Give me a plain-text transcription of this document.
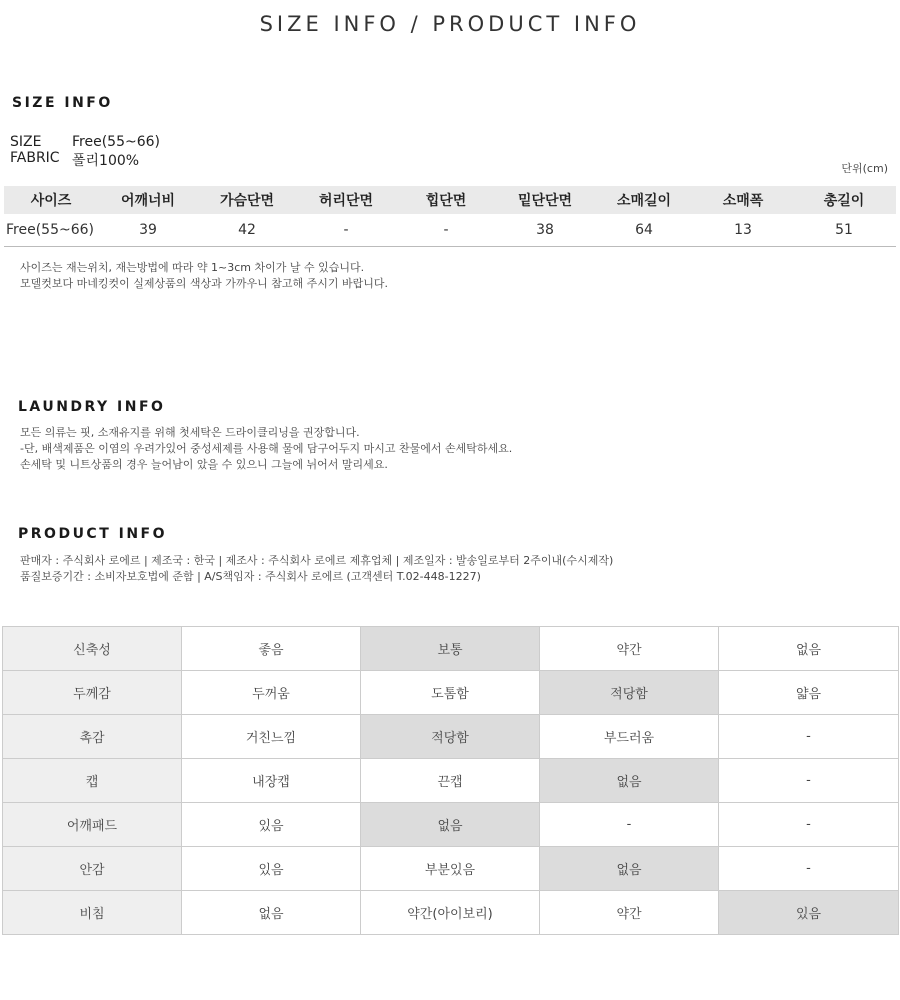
SIZE INFO / PRODUCT INFO
SIZE INFO
SIZE Free(55~66)
FABRIC 폴리100%	단위(cm)
사이즈	어깨너비	가슴단면	허리단면	힙단면	밑단단면	소매길이	소매폭	총길이
Free(55~66)	39	42	-	-	38	64	13	51
사이즈는 재는위치, 재는방법에 따라 약 1~3cm 차이가 날 수 있습니다.
모델컷보다 마네킹컷이 실제상품의 색상과 가까우니 참고해 주시기 바랍니다.
LAUNDRY INFO
모든 의류는 핏, 소재유지를 위해 첫세탁은 드라이클리닝을 권장합니다.
-단, 배색제품은 이염의 우려가있어 중성세제를 사용해 물에 담구어두지 마시고 찬물에서 손세탁하세요.
손세탁 및 니트상품의 경우 늘어남이 았을 수 있으니 그늘에 뉘어서 말리세요.
PRODUCT INFO
판매자 : 주식회사 로에르 | 제조국 : 한국 | 제조사 : 주식회사 로에르 제휴업체 | 제조일자 : 발송일로부터 2주이내(수시제작)
품질보증기간 : 소비자보호법에 준함 | A/S책임자 : 주식회사 로에르 (고객센터 T.02-448-1227)
신축성	좋음	보통	약간	없음
두께감	두꺼움	도톰함	적당함	얇음
촉감	거친느낌	적당함	부드러움	-
캡	내장캡	끈캡	없음	-
어깨패드	있음	없음	-	-
안감	있음	부분있음	없음	-
비침	없음	약간(아이보리)	약간	있음
